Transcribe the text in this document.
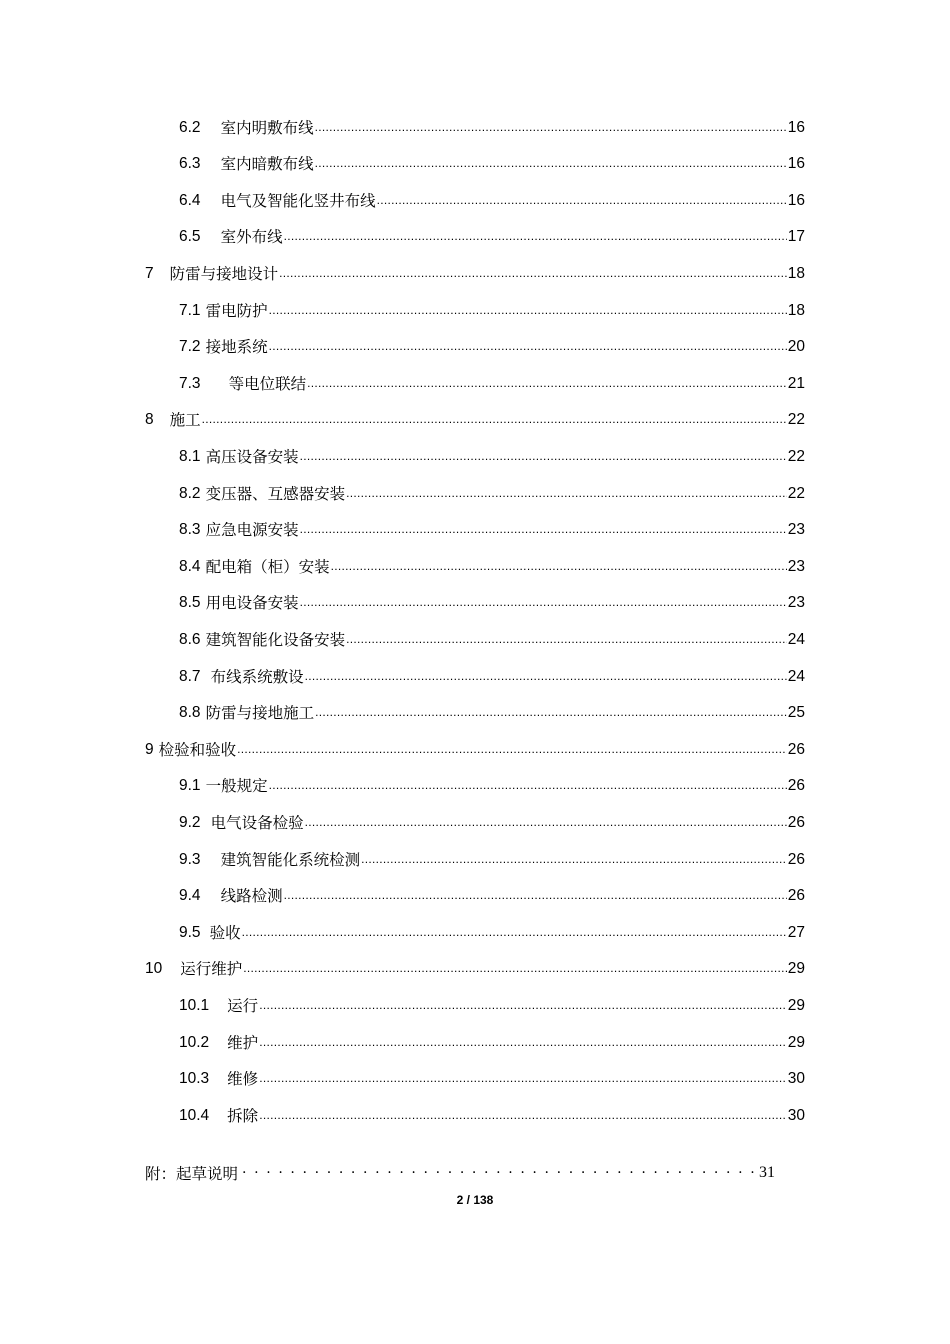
6.2 室内明敷布线 .....	16
6.3 室内暗敷布线 .....	16
6.4 电气及智能化竖井布线 .....	16
6.5 室外布线 .....	17
7 防雷与接地设计 .....	18
7.1 雷电防护 .....	18
7.2 接地系统 .....	20
7.3 等电位联结 .....	21
8 施工 .....	22
8.1 高压设备安装 .....	22
8.2 变压器、互感器安装 .....	22
8.3 应急电源安装 .....	23
8.4 配电箱（柜）安装 .....	23
8.5 用电设备安装 .....	23
8.6 建筑智能化设备安装 .....	24
8.7 布线系统敷设 .....	24
8.8 防雷与接地施工 .....	25
9 检验和验收 .....	26
9.1 一般规定 .....	26
9.2 电气设备检验 .....	26
9.3 建筑智能化系统检测 .....	26
9.4 线路检测 .....	26
9.5 验收 .....	27
10 运行维护 .....	29
10.1 运行 .....	29
10.2 维护 .....	29
10.3 维修 .....	30
10.4 拆除 .....	30
附：起草说明 . . .	31
2 / 138
